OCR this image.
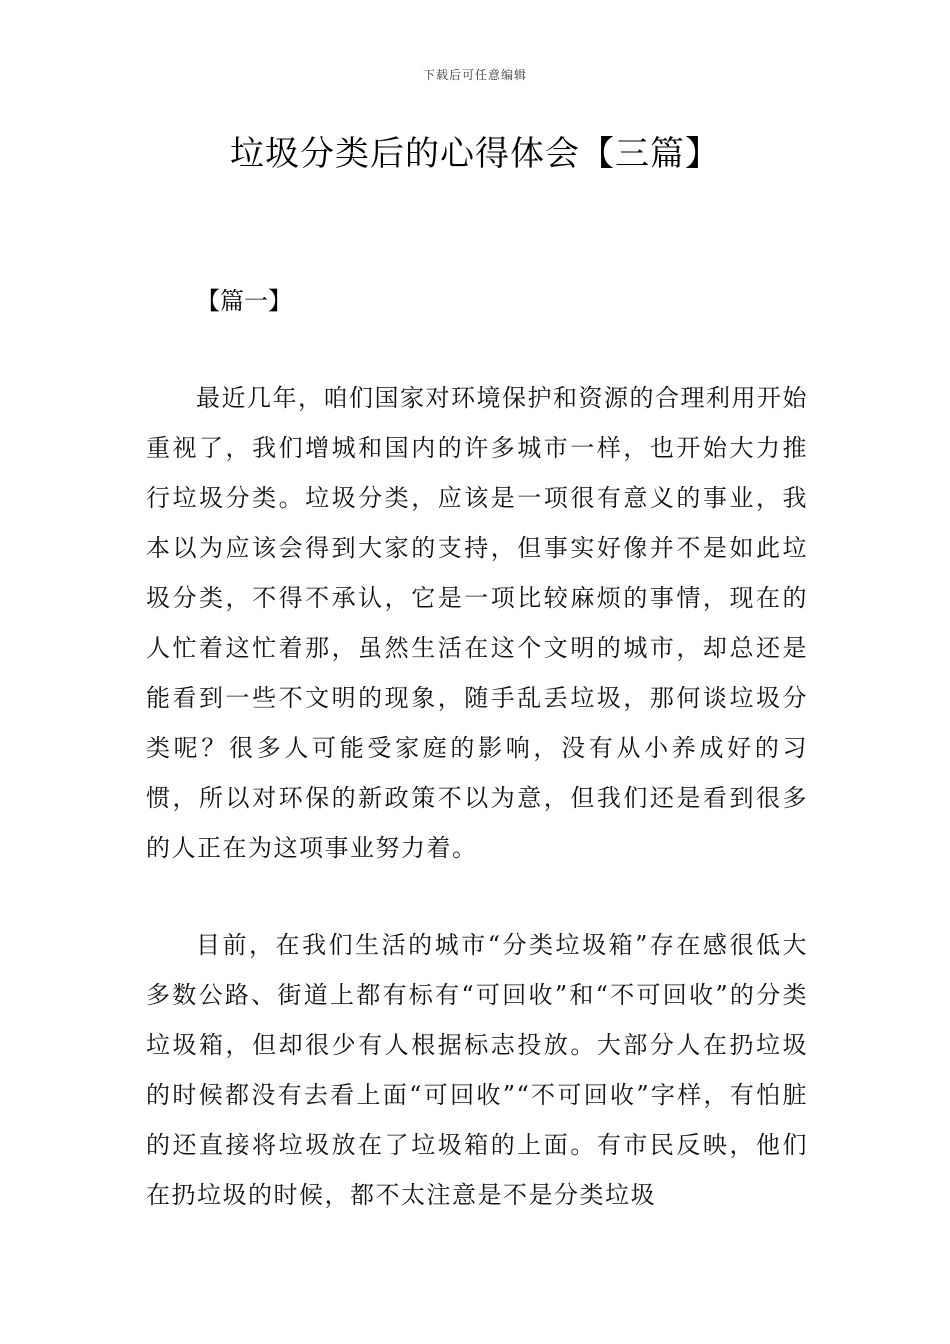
下载后可任意编辑
垃圾分类后的心得体会【三篇】
【篇一】

最近几年，咱们国家对环境保护和资源的合理利用开始重视了，我们增城和国内的许多城市一样，也开始大力推行垃圾分类。垃圾分类，应该是一项很有意义的事业，我本以为应该会得到大家的支持，但事实好像并不是如此垃圾分类，不得不承认，它是一项比较麻烦的事情，现在的人忙着这忙着那，虽然生活在这个文明的城市，却总还是能看到一些不文明的现象，随手乱丢垃圾，那何谈垃圾分类呢？很多人可能受家庭的影响，没有从小养成好的习惯，所以对环保的新政策不以为意，但我们还是看到很多的人正在为这项事业努力着。

目前，在我们生活的城市“分类垃圾箱”存在感很低大多数公路、街道上都有标有“可回收”和“不可回收”的分类垃圾箱，但却很少有人根据标志投放。大部分人在扔垃圾的时候都没有去看上面“可回收”“不可回收”字样，有怕脏的还直接将垃圾放在了垃圾箱的上面。有市民反映，他们在扔垃圾的时候，都不太注意是不是分类垃圾
